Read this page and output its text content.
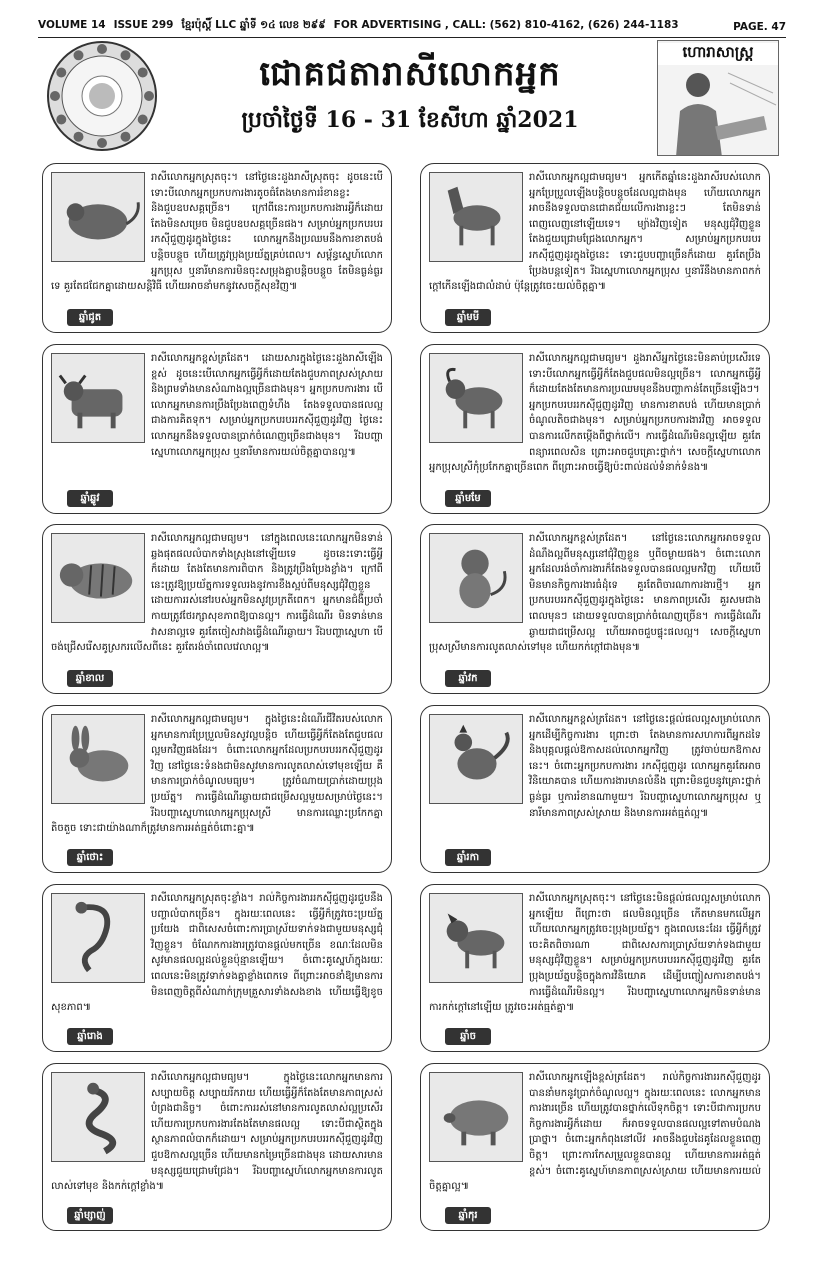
VOLUME 14 ISSUE 299 ខ្មែរប៉ុស្តិ៍ LLC ឆ្នាំទី ១៤ លេខ ២៩៩ FOR ADVERTISING , CALL: (562) 810-4162, (626) 244-1183	PAGE. 47
ជោគជតារាសីលោកអ្នក
ប្រចាំថ្ងៃទី 16 - 31 ខែសីហា ឆ្នាំ2021
ហោរាសាស្ត្រ
ឆ្នាំជូត
រាសីលោកអ្នកស្រុតចុះ។ នៅថ្ងៃនេះដួងរាសីស្រុតចុះ ដូចនេះបើទោះបីលោកអ្នកប្រកបការងារតូចធំតែងមានការរំខានខ្លះ និងជួបឧបសគ្គច្រើន។ ក្រៅពីនេះការប្រកបការងារអ្វីក៏ដោយ តែងមិនសម្រេច មិនជួបឧបសគ្គច្រើនផង។ សម្រាប់អ្នកប្រកបរបររកស៊ីជួញដូរក្នុងថ្ងៃនេះ លោកអ្នកនឹងប្រឈមនឹងការខាតបង់បន្តិចបន្តួច ហើយត្រូវប្រុងប្រយ័ត្នគ្រប់ពេល។ សម្ព័ន្ធស្នេហ៍លោកអ្នកប្រុស ឬនារីមានការមិនចុះសម្រុងគ្នាបន្តិចបន្តួច តែមិនធ្ងន់ធ្ងរទេ គួរតែជជែកគ្នាដោយសន្តិវិធី ហើយអាចនាំមកនូវសេចក្តីសុខវិញ៕
ឆ្នាំឆ្លូវ
រាសីលោកអ្នកខ្ពស់ត្រដែត។ ដោយសារក្នុងថ្ងៃនេះដួងរាសីឡើងខ្ពស់ ដូចនេះបើលោកអ្នកធ្វើអ្វីក៏ដោយតែងជួបភាពស្រស់ស្រាយ និងព្រមទាំងមានសំណាងល្អច្រើនជាងមុន។ អ្នកប្រកបការងារ បើលោកអ្នកមានការប្រឹងប្រែងពេញទំហឹង តែងទទួលបានផលល្អជាងការគិតទុក។ សម្រាប់អ្នកប្រកបរបររកស៊ីជួញដូរវិញ ថ្ងៃនេះលោកអ្នកនឹងទទួលបានប្រាក់ចំណេញច្រើនជាងមុន។ រីឯបញ្ហាស្នេហាលោកអ្នកប្រុស ឬនារីមានការយល់ចិត្តគ្នាបានល្អ៕
ឆ្នាំខាល
រាសីលោកអ្នកល្អជាមធ្យម។ នៅក្នុងពេលនេះលោកអ្នកមិនទាន់ឆ្លងផុតផលលំបាកទាំងស្រុងនៅឡើយទេ ដូចនេះទោះធ្វើអ្វីក៏ដោយ តែងតែមានការពិបាក និងត្រូវប្រឹងប្រែងខ្លាំង។ ក្រៅពីនេះត្រូវឱ្យប្រយ័ត្នការទទួលរងនូវការខឹងស្អប់ពីមនុស្សជុំវិញខ្លួន ដោយការរស់នៅរបស់អ្នកមិនសូវប្រក្រតីពេក។ អ្នកមានជំងឺប្រចាំកាយត្រូវថែរក្សាសុខភាពឱ្យបានល្អ។ ការធ្វើដំណើរ មិនទាន់មានវាសនាល្អទេ គួរតែចៀសវាងធ្វើដំណើរឆ្ងាយ។ រីឯបញ្ហាស្នេហា បើចង់ជ្រើសរើសគូស្រករលើសពីនេះ គួរតែរង់ចាំពេលវេលាល្អ៕
ឆ្នាំថោះ
រាសីលោកអ្នកល្អជាមធ្យម។ ក្នុងថ្ងៃនេះដំណើរជីវិតរបស់លោកអ្នកមានការប្រែប្រួលមិនសូវល្អបន្តិច ហើយធ្វើអ្វីក៏តែងតែជួបផលល្អមកវិញផងដែរ។ ចំពោះលោកអ្នកដែលប្រកបរបររកស៊ីជួញដូរវិញ នៅថ្ងៃនេះទំនងជាមិនសូវមានការលូតលាស់ទៅមុខឡើយ គឺមានការប្រាក់ចំណូលមធ្យម។ ត្រូវចំណាយប្រាក់ដោយប្រុងប្រយ័ត្ន។ ការធ្វើដំណើរឆ្ងាយជាជម្រើសល្អមួយសម្រាប់ថ្ងៃនេះ។ រីឯបញ្ហាស្នេហាលោកអ្នកប្រុសស្រី មានការឈ្លោះប្រកែកគ្នាតិចតួច ទោះជាយ៉ាងណាក៏ត្រូវមានការអត់ធ្មត់ចំពោះគ្នា៕
ឆ្នាំរោង
រាសីលោកអ្នកស្រុតចុះខ្លាំង។ រាល់កិច្ចការងាររកស៊ីជួញដូរជួបនឹងបញ្ហាលំបាកច្រើន។ ក្នុងរយៈពេលនេះ ធ្វើអ្វីក៏ត្រូវចេះប្រយ័ត្នប្រយែង ជាពិសេសចំពោះការប្រាស្រ័យទាក់ទងជាមួយមនុស្សជុំវិញខ្លួន។ ចំណែកការងារត្រូវបានផ្តល់មកច្រើន ខណៈដែលមិនសូវមានផលល្អដល់ខ្លួនប៉ុន្មានឡើយ។ ចំពោះគូស្នេហ៍ក្នុងរយៈពេលនេះមិនត្រូវទាក់ទងគ្នាខ្លាំងពេកទេ ពីព្រោះអាចនាំឱ្យមានការមិនពេញចិត្តពីសំណាក់ក្រុមគ្រួសារទាំងសងខាង ហើយធ្វើឱ្យខូចសុខភាព៕
ឆ្នាំម្សាញ់
រាសីលោកអ្នកល្អជាមធ្យម។ ក្នុងថ្ងៃនេះលោកអ្នកមានការសប្បាយចិត្ត សប្បាយរីករាយ ហើយធ្វើអ្វីក៏តែងតែមានភាពស្រស់បំព្រងជានិច្ច។ ចំពោះការរស់នៅមានការលូតលាស់ល្អប្រសើរ ហើយការប្រកបការងារតែងតែមានផលល្អ ទោះបីជាស្ថិតក្នុងស្ថានភាពលំបាកក៏ដោយ។ សម្រាប់អ្នកប្រកបរបររកស៊ីជួញដូរវិញ ជួបឱកាសល្អច្រើន ហើយមានកម្រៃច្រើនជាងមុន ដោយសារមានមនុស្សជួយជ្រោមជ្រែង។ រីឯបញ្ហាស្នេហ៍លោកអ្នកមានការលូតលាស់ទៅមុខ និងកក់ក្តៅខ្លាំង៕
ឆ្នាំមមី
រាសីលោកអ្នកល្អជាមធ្យម។ អ្នកកើតឆ្នាំនេះដួងរាសីរបស់លោកអ្នកប្រែប្រួលឡើងបន្តិចបន្តួចដែលល្អជាងមុន ហើយលោកអ្នកអាចនឹងទទួលបានជោគជ័យលើការងារខ្លះៗ តែមិនទាន់ពេញលេញនៅឡើយទេ។ ម្យ៉ាងវិញទៀត មនុស្សជុំវិញខ្លួនតែងជួយជ្រោមជ្រែងលោកអ្នក។ សម្រាប់អ្នកប្រកបរបររកស៊ីជួញដូរក្នុងថ្ងៃនេះ ទោះជួបបញ្ហាច្រើនក៏ដោយ គួរតែប្រឹងប្រែងបន្តទៀត។ រីឯស្នេហាលោកអ្នកប្រុស ឬនារីនឹងមានភាពកក់ក្តៅកើនឡើងជាលំដាប់ ប៉ុន្តែត្រូវចេះយល់ចិត្តគ្នា៕
ឆ្នាំមមែ
រាសីលោកអ្នកល្អជាមធ្យម។ ដួងរាសីអ្នកថ្ងៃនេះមិនគាប់ប្រសើរទេ ទោះបីលោកអ្នកធ្វើអ្វីក៏តែងជួបផលមិនល្អច្រើន។ លោកអ្នកធ្វើអ្វីក៏ដោយតែងតែមានការប្រឈមមុខនឹងបញ្ហាកាន់តែច្រើនឡើងៗ។ អ្នកប្រកបរបររកស៊ីជួញដូរវិញ មានការខាតបង់ ហើយមានប្រាក់ចំណូលតិចជាងមុន។ សម្រាប់អ្នកប្រកបការងារវិញ អាចទទួលបានការលើកតម្កើងពីថ្នាក់លើ។ ការធ្វើដំណើរមិនល្អឡើយ គួរតែពន្យារពេលសិន ព្រោះអាចជួបគ្រោះថ្នាក់។ សេចក្តីស្នេហាលោកអ្នកប្រុសស្រីកុំប្រកែកគ្នាច្រើនពេក ពីព្រោះអាចធ្វើឱ្យប៉ះពាល់ដល់ទំនាក់ទំនង៕
ឆ្នាំវក
រាសីលោកអ្នកខ្ពស់ត្រដែត។ នៅថ្ងៃនេះលោកអ្នកអាចទទួលដំណឹងល្អពីមនុស្សនៅជុំវិញខ្លួន ឬពីចម្ងាយផង។ ចំពោះលោកអ្នកដែលរង់ចាំការងារក៏តែងទទួលបានផលល្អមកវិញ ហើយបើមិនមានកិច្ចការងារធំដុំទេ គួរតែពិចារណាការងារថ្មី។ អ្នកប្រកបរបររកស៊ីជួញដូរក្នុងថ្ងៃនេះ មានភាពប្រសើរ គួរសមជាងពេលមុនៗ ដោយទទួលបានប្រាក់ចំណេញច្រើន។ ការធ្វើដំណើរឆ្ងាយជាជម្រើសល្អ ហើយអាចជួបផ្ទុះផលល្អ។ សេចក្តីស្នេហាប្រុសស្រីមានការលូតលាស់ទៅមុខ ហើយកក់ក្តៅជាងមុន៕
ឆ្នាំរកា
រាសីលោកអ្នកខ្ពស់ត្រដែត។ នៅថ្ងៃនេះផ្តល់ផលល្អសម្រាប់លោកអ្នកដើម្បីកិច្ចការងារ ព្រោះថា តែងមានការសហការពីអ្នកដទៃ និងបុគ្គលផ្តល់ឱកាសដល់លោកអ្នកវិញ ត្រូវចាប់យកឱកាសនេះ។ ចំពោះអ្នកប្រកបការងារ រកស៊ីជួញដូរ លោកអ្នកគួរតែអាចវិនិយោគបាន ហើយការងារមានលំនឹង ព្រោះមិនជួបនូវគ្រោះថ្នាក់ធ្ងន់ធ្ងរ ឬការរំខានណាមួយ។ រីឯបញ្ហាស្នេហាលោកអ្នកប្រុស ឬនារីមានភាពស្រស់ស្រាយ និងមានការអត់ធ្មត់ល្អ៕
ឆ្នាំច
រាសីលោកអ្នកស្រុតចុះ។ នៅថ្ងៃនេះមិនផ្តល់ផលល្អសម្រាប់លោកអ្នកឡើយ ពីព្រោះថា ផលមិនល្អច្រើន កើតមានមកលើអ្នក ហើយលោកអ្នកត្រូវចេះប្រុងប្រយ័ត្ន។ ក្នុងពេលនេះដែរ ធ្វើអ្វីក៏ត្រូវចេះគិតពិចារណា ជាពិសេសការប្រាស្រ័យទាក់ទងជាមួយមនុស្សជុំវិញខ្លួន។ សម្រាប់អ្នកប្រកបរបររកស៊ីជួញដូរវិញ គួរតែប្រុងប្រយ័ត្នបន្តិចក្នុងការវិនិយោគ ដើម្បីបញ្ចៀសការខាតបង់។ ការធ្វើដំណើរមិនល្អ។ រីឯបញ្ហាស្នេហាលោកអ្នកមិនទាន់មានការកក់ក្តៅនៅឡើយ ត្រូវចេះអត់ធ្មត់គ្នា៕
ឆ្នាំកុរ
រាសីលោកអ្នកឡើងខ្ពស់ត្រដែត។ រាល់កិច្ចការងាររកស៊ីជួញដូរបាននាំមកនូវប្រាក់ចំណូលល្អ។ ក្នុងរយៈពេលនេះ លោកអ្នកមានការងារច្រើន ហើយត្រូវបានថ្នាក់លើទុកចិត្ត។ ទោះបីជាការប្រកបកិច្ចការងារអ្វីក៏ដោយ ក៏អាចទទួលបានផលល្អទៅតាមបំណងប្រាថ្នា។ ចំពោះអ្នកកំពុងនៅលីវ អាចនឹងជួបដៃគូដែលខ្លួនពេញចិត្ត។ ព្រោះការកែសម្រួលខ្លួនបានល្អ ហើយមានការអត់ធ្មត់ខ្ពស់។ ចំពោះគូស្នេហ៍មានភាពស្រស់ស្រាយ ហើយមានការយល់ចិត្តគ្នាល្អ៕
